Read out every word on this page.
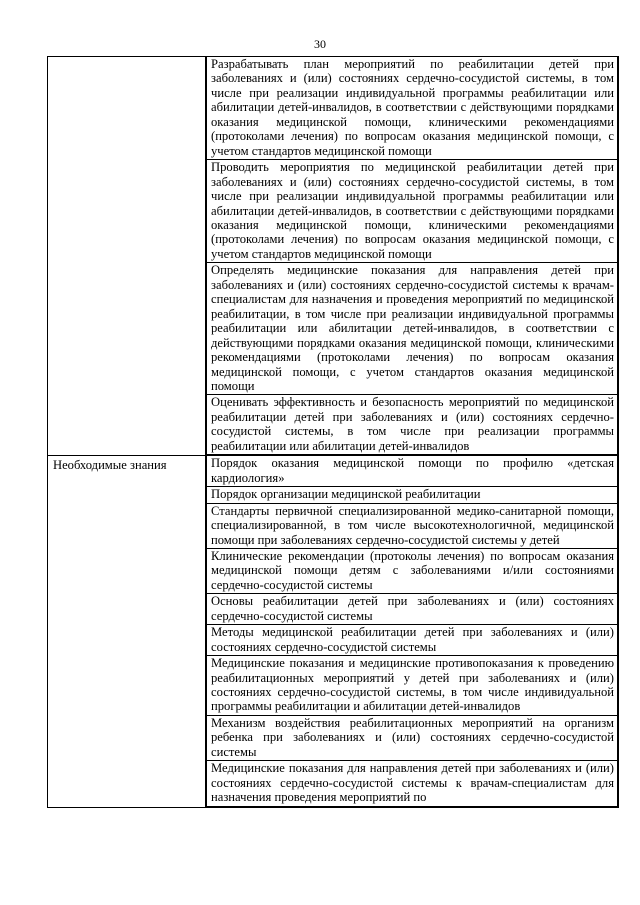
30

Разрабатывать план мероприятий по реабилитации детей при заболеваниях и (или) состояниях сердечно-сосудистой системы, в том числе при реализации индивидуальной программы реабилитации или абилитации детей-инвалидов, в соответствии с действующими порядками оказания медицинской помощи, клиническими рекомендациями (протоколами лечения) по вопросам оказания медицинской помощи, с учетом стандартов медицинской помощи
Проводить мероприятия по медицинской реабилитации детей при заболеваниях и (или) состояниях сердечно-сосудистой системы, в том числе при реализации индивидуальной программы реабилитации или абилитации детей-инвалидов, в соответствии с действующими порядками оказания медицинской помощи, клиническими рекомендациями (протоколами лечения) по вопросам оказания медицинской помощи, с учетом стандартов медицинской помощи
Определять медицинские показания для направления детей при заболеваниях и (или) состояниях сердечно-сосудистой системы к врачам-специалистам для назначения и проведения мероприятий по медицинской реабилитации, в том числе при реализации индивидуальной программы реабилитации или абилитации детей-инвалидов, в соответствии с действующими порядками оказания медицинской помощи, клиническими рекомендациями (протоколами лечения) по вопросам оказания медицинской помощи, с учетом стандартов оказания медицинской помощи
Оценивать эффективность и безопасность мероприятий по медицинской реабилитации детей при заболеваниях и (или) состояниях сердечно-сосудистой системы, в том числе при реализации программы реабилитации или абилитации детей-инвалидов

Необходимые знания		Порядок оказания медицинской помощи по профилю «детская кардиология»
Порядок организации медицинской реабилитации
Стандарты первичной специализированной медико-санитарной помощи, специализированной, в том числе высокотехнологичной, медицинской помощи при заболеваниях сердечно-сосудистой системы у детей
Клинические рекомендации (протоколы лечения) по вопросам оказания медицинской помощи детям с заболеваниями и/или состояниями сердечно-сосудистой системы
Основы реабилитации детей при заболеваниях и (или) состояниях сердечно-сосудистой системы
Методы медицинской реабилитации детей при заболеваниях и (или) состояниях сердечно-сосудистой системы
Медицинские показания и медицинские противопоказания к проведению реабилитационных мероприятий у детей при заболеваниях и (или) состояниях сердечно-сосудистой системы, в том числе индивидуальной программы реабилитации и абилитации детей-инвалидов
Механизм воздействия реабилитационных мероприятий на организм ребенка при заболеваниях и (или) состояниях сердечно-сосудистой системы
Медицинские показания для направления детей при заболеваниях и (или) состояниях сердечно-сосудистой системы к врачам-специалистам для назначения проведения мероприятий по
